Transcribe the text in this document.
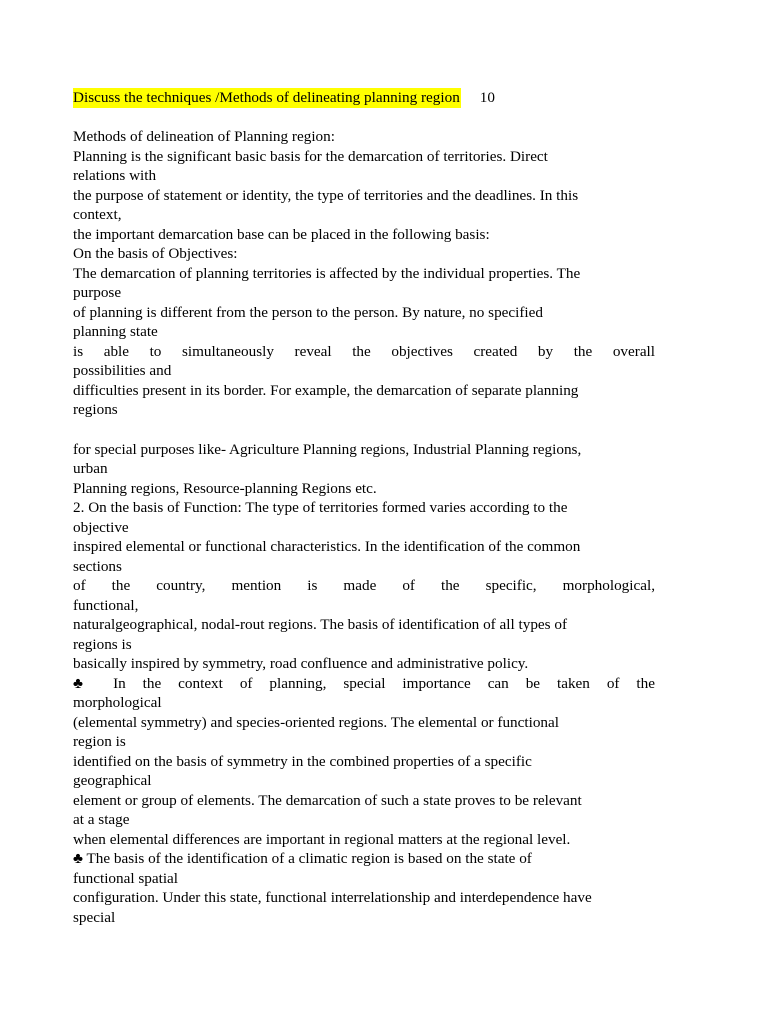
Discuss the techniques /Methods of delineating planning region 10
Methods of delineation of Planning region:
Planning is the significant basic basis for the demarcation of territories. Direct
relations with
the purpose of statement or identity, the type of territories and the deadlines. In this
context,
the important demarcation base can be placed in the following basis:
On the basis of Objectives:
The demarcation of planning territories is affected by the individual properties. The
purpose
of planning is different from the person to the person. By nature, no specified
planning state
is able to simultaneously reveal the objectives created by the overall
possibilities and
difficulties present in its border. For example, the demarcation of separate planning
regions
for special purposes like- Agriculture Planning regions, Industrial Planning regions,
urban
Planning regions, Resource-planning Regions etc.
2. On the basis of Function: The type of territories formed varies according to the
objective
inspired elemental or functional characteristics. In the identification of the common
sections
of the country, mention is made of the specific, morphological,
functional,
naturalgeographical, nodal-rout regions. The basis of identification of all types of
regions is
basically inspired by symmetry, road confluence and administrative policy.
♣ In the context of planning, special importance can be taken of the
morphological
(elemental symmetry) and species-oriented regions. The elemental or functional
region is
identified on the basis of symmetry in the combined properties of a specific
geographical
element or group of elements. The demarcation of such a state proves to be relevant
at a stage
when elemental differences are important in regional matters at the regional level.
♣ The basis of the identification of a climatic region is based on the state of
functional spatial
configuration. Under this state, functional interrelationship and interdependence have
special
